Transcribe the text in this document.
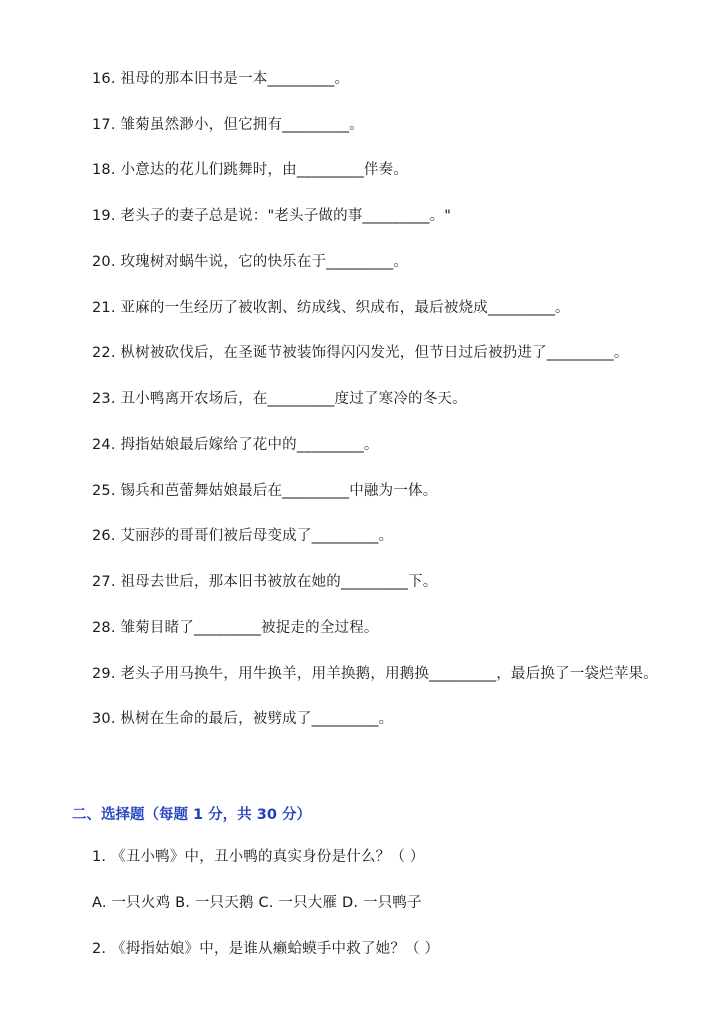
16. 祖母的那本旧书是一本_________。
17. 雏菊虽然渺小，但它拥有_________。
18. 小意达的花儿们跳舞时，由_________伴奏。
19. 老头子的妻子总是说："老头子做的事_________。"
20. 玫瑰树对蜗牛说，它的快乐在于_________。
21. 亚麻的一生经历了被收割、纺成线、织成布，最后被烧成_________。
22. 枞树被砍伐后，在圣诞节被装饰得闪闪发光，但节日过后被扔进了_________。
23. 丑小鸭离开农场后，在_________度过了寒冷的冬天。
24. 拇指姑娘最后嫁给了花中的_________。
25. 锡兵和芭蕾舞姑娘最后在_________中融为一体。
26. 艾丽莎的哥哥们被后母变成了_________。
27. 祖母去世后，那本旧书被放在她的_________下。
28. 雏菊目睹了_________被捉走的全过程。
29. 老头子用马换牛，用牛换羊，用羊换鹅，用鹅换_________，最后换了一袋烂苹果。
30. 枞树在生命的最后，被劈成了_________。
二、选择题（每题 1 分，共 30 分）
1. 《丑小鸭》中，丑小鸭的真实身份是什么？（ ）
A. 一只火鸡 B. 一只天鹅 C. 一只大雁 D. 一只鸭子
2. 《拇指姑娘》中，是谁从癞蛤蟆手中救了她？（ ）
